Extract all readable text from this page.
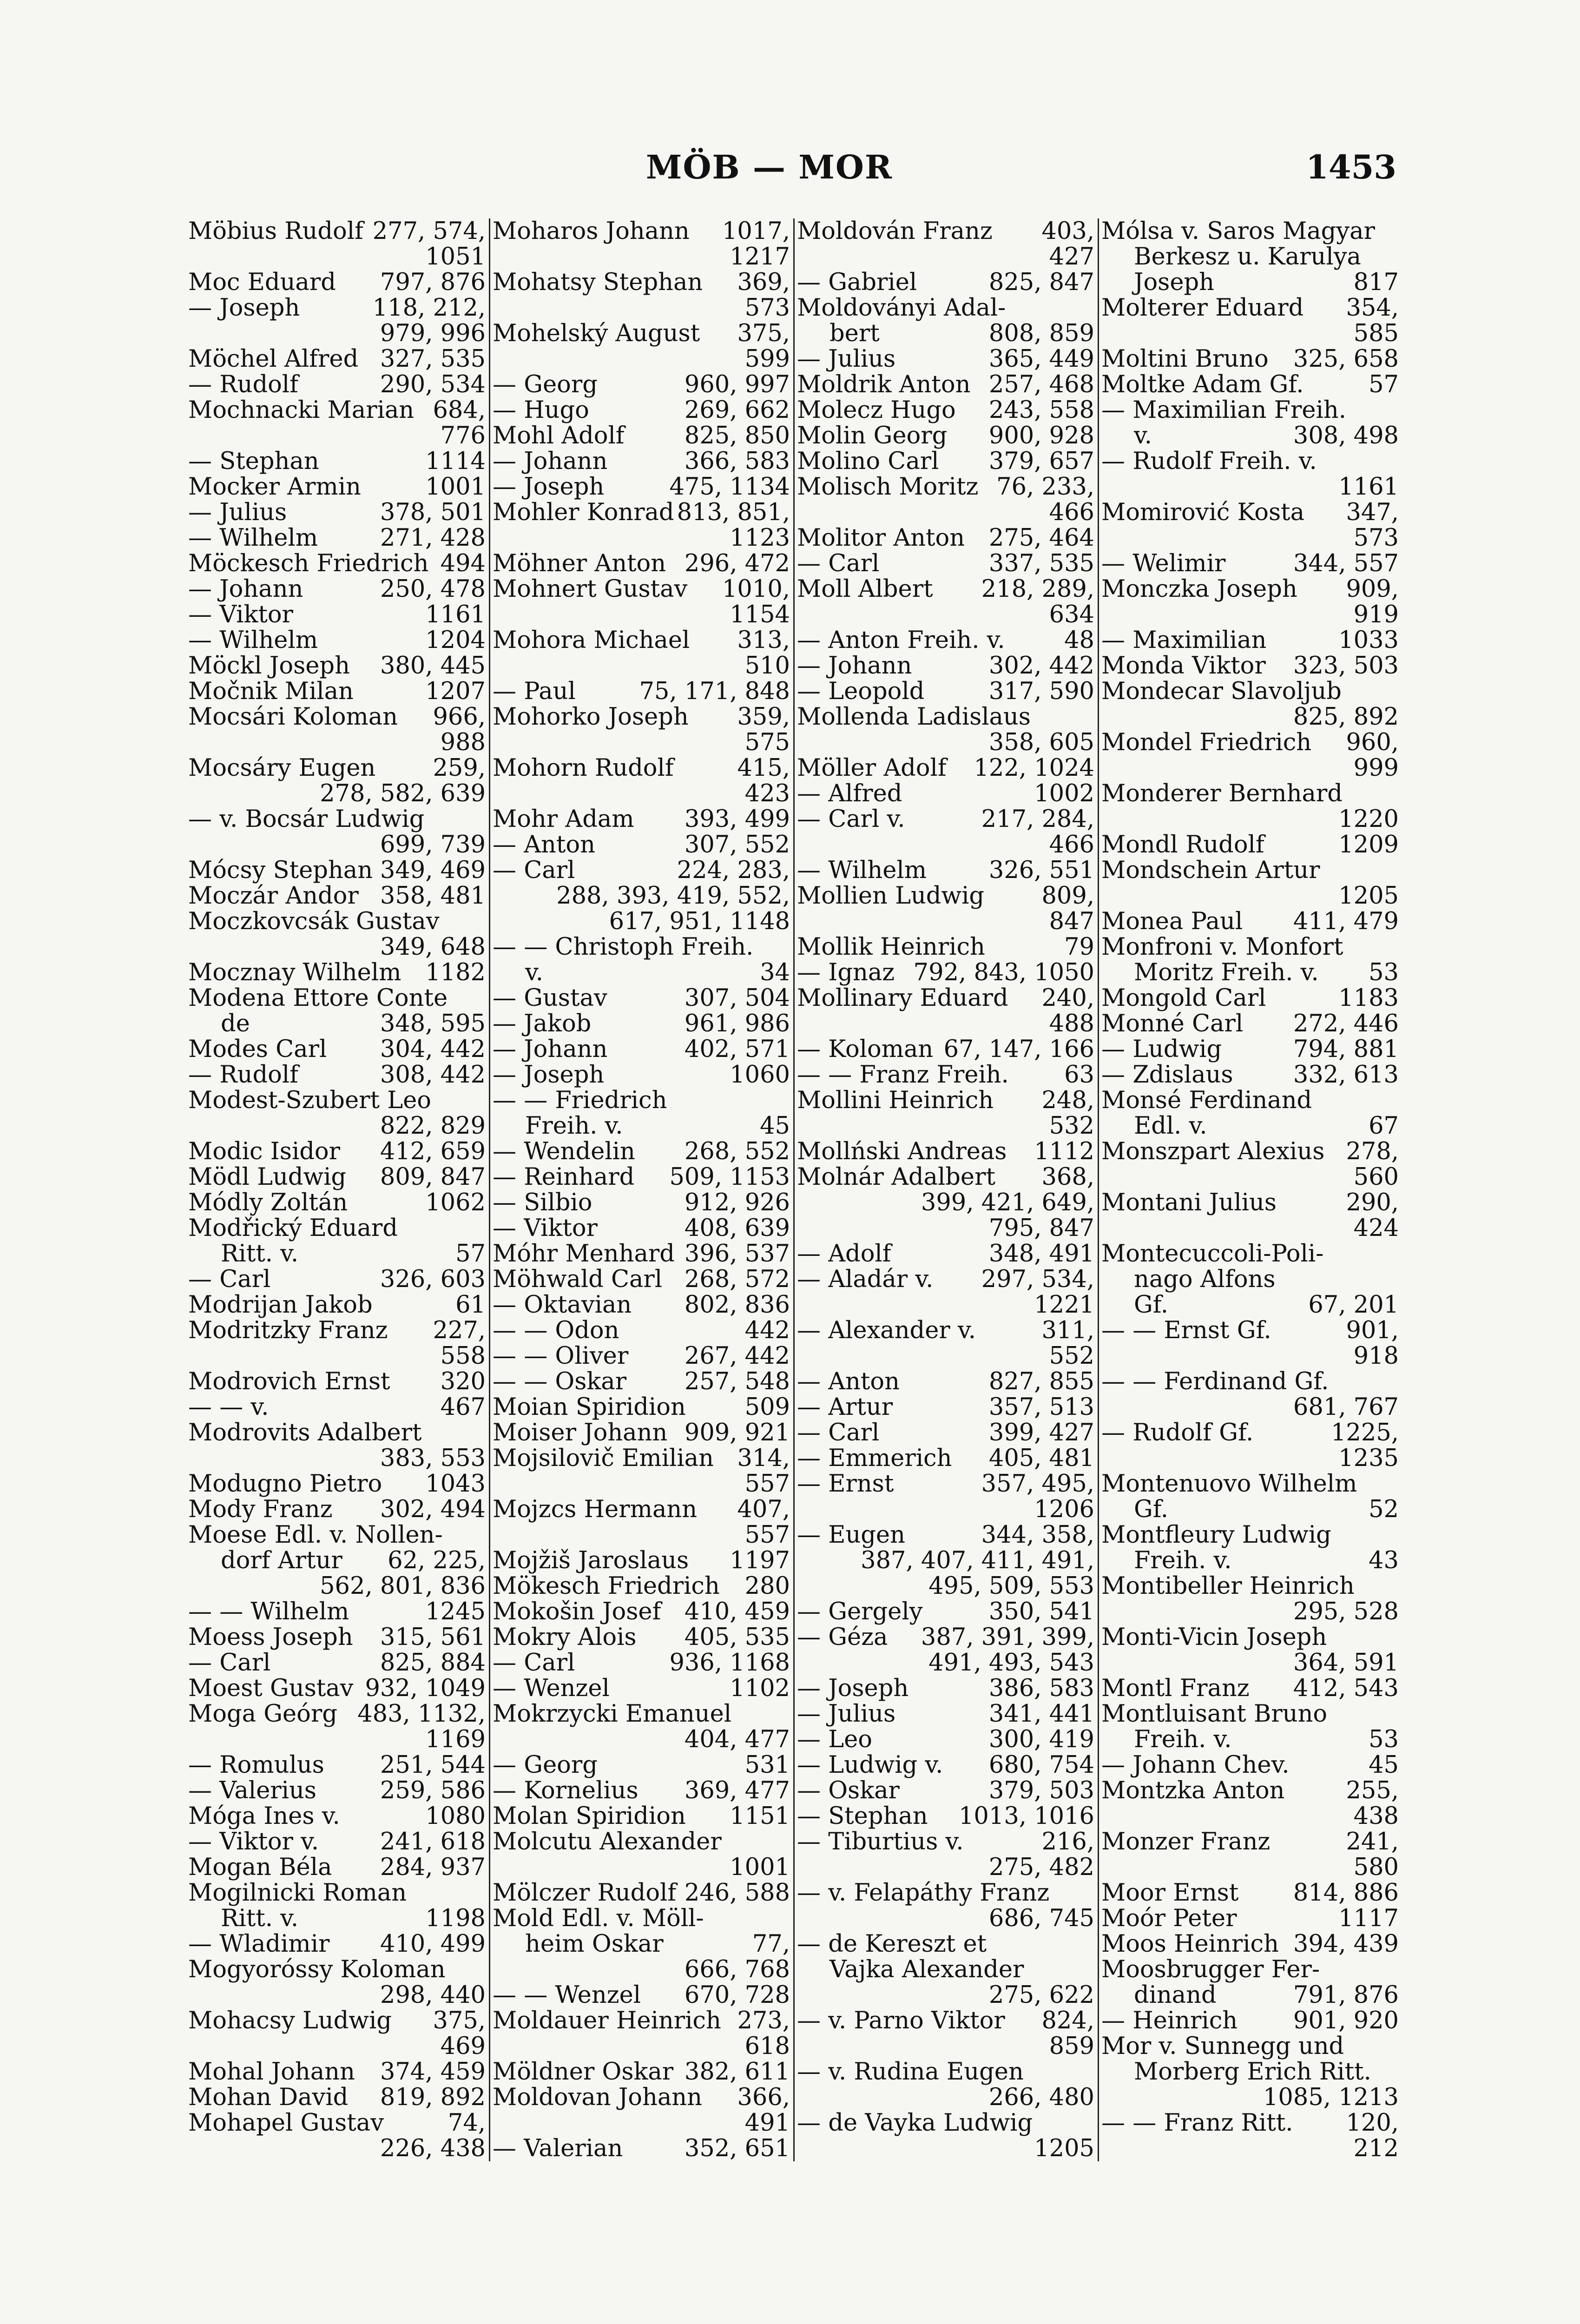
MÖB — MOR	1453
Möbius Rudolf 277, 574,
1051
Moc Eduard 797, 876
— Joseph	118, 212,
979, 996
Möchel Alfred 327, 535
— Rudolf	290, 534
Mochnacki Marian 684,
776
— Stephan	1114
Mocker Armin	1001
— Julius	378, 501
— Wilhelm	271, 428
Möckesch Friedrich 494
— Johann	250, 478
— Viktor	1161
— Wilhelm	1204
Möckl Joseph 380, 445
Močnik Milan	1207
Mocsári Koloman 966,
988
Mocsáry Eugen 259,
278, 582, 639
— v. Bocsár Ludwig
699, 739
Mócsy Stephan 349, 469
Moczár Andor 358, 481
Moczkovcsák Gustav
349, 648
Mocznay Wilhelm 1182
Modena Ettore Conte
de	348, 595
Modes Carl 304, 442
— Rudolf	308, 442
Modest-Szubert Leo
822, 829
Modic Isidor 412, 659
Mödl Ludwig 809, 847
Módly Zoltán	1062
Modřický Eduard
Ritt. v.	57
— Carl	326, 603
Modrijan Jakob	61
Modritzky Franz 227,
558
Modrovich Ernst 320
— — v.	467
Modrovits Adalbert
383, 553
Modugno Pietro 1043
Mody Franz 302, 494
Moese Edl. v. Nollen-
dorf Artur 62, 225,
562, 801, 836
— — Wilhelm	1245
Moess Joseph 315, 561
— Carl	825, 884
Moest Gustav 932, 1049
Moga Geórg 483, 1132,
1169
— Romulus 251, 544
— Valerius	259, 586
Móga Ines v.	1080
— Viktor v.	241, 618
Mogan Béla 284, 937
Mogilnicki Roman
Ritt. v.	1198
— Wladimir 410, 499
Mogyoróssy Koloman
298, 440
Mohacsy Ludwig 375,
469
Mohal Johann 374, 459
Mohan David 819, 892
Mohapel Gustav	74,
226, 438
Moharos Johann 1017,
1217
Mohatsy Stephan 369,
573
Mohelský August 375,
599
— Georg	960, 997
— Hugo	269, 662
Mohl Adolf	825, 850
— Johann	366, 583
— Joseph	475, 1134
Mohler Konrad 813, 851,
1123
Möhner Anton 296, 472
Mohnert Gustav 1010,
1154
Mohora Michael 313,
510
— Paul	75, 171, 848
Mohorko Joseph 359,
575
Mohorn Rudolf	415,
423
Mohr Adam 393, 499
— Anton	307, 552
— Carl	224, 283,
288, 393, 419, 552,
617, 951, 1148
— — Christoph Freih.
v.	34
— Gustav	307, 504
— Jakob	961, 986
— Johann	402, 571
— Joseph	1060
— — Friedrich
Freih. v.	45
— Wendelin 268, 552
— Reinhard 509, 1153
— Silbio	912, 926
— Viktor	408, 639
Móhr Menhard 396, 537
Möhwald Carl 268, 572
— Oktavian 802, 836
— — Odon	442
— — Oliver 267, 442
— — Oskar 257, 548
Moian Spiridion 509
Moiser Johann 909, 921
Mojsilovič Emilian 314,
557
Mojzcs Hermann 407,
557
Mojžiš Jaroslaus 1197
Mökesch Friedrich 280
Mokošin Josef 410, 459
Mokry Alois 405, 535
— Carl	936, 1168
— Wenzel	1102
Mokrzycki Emanuel
404, 477
— Georg	531
— Kornelius 369, 477
Molan Spiridion 1151
Molcutu Alexander
1001
Mölczer Rudolf 246, 588
Mold Edl. v. Möll-
heim Oskar	77,
666, 768
— — Wenzel 670, 728
Moldauer Heinrich 273,
618
Möldner Oskar 382, 611
Moldovan Johann 366,
491
— Valerian	352, 651
Moldován Franz 403,
427
— Gabriel	825, 847
Moldoványi Adal-
bert	808, 859
— Julius	365, 449
Moldrik Anton 257, 468
Molecz Hugo 243, 558
Molin Georg 900, 928
Molino Carl 379, 657
Molisch Moritz 76, 233,
466
Molitor Anton 275, 464
— Carl	337, 535
Moll Albert 218, 289,
634
— Anton Freih. v. 48
— Johann	302, 442
— Leopold	317, 590
Mollenda Ladislaus
358, 605
Möller Adolf 122, 1024
— Alfred	1002
— Carl v.	217, 284,
466
— Wilhelm	326, 551
Mollien Ludwig 809,
847
Mollik Heinrich	79
— Ignaz 792, 843, 1050
Mollinary Eduard 240,
488
— Koloman 67, 147, 166
— — Franz Freih. 63
Mollini Heinrich 248,
532
Mollński Andreas 1112
Molnár Adalbert 368,
399, 421, 649,
795, 847
— Adolf	348, 491
— Aladár v. 297, 534,
1221
— Alexander v.	311,
552
— Anton	827, 855
— Artur	357, 513
— Carl	399, 427
— Emmerich 405, 481
— Ernst	357, 495,
1206
— Eugen	344, 358,
387, 407, 411, 491,
495, 509, 553
— Gergely	350, 541
— Géza 387, 391, 399,
491, 493, 543
— Joseph	386, 583
— Julius	341, 441
— Leo	300, 419
— Ludwig v. 680, 754
— Oskar	379, 503
— Stephan 1013, 1016
— Tiburtius v.	216,
275, 482
— v. Felapáthy Franz
686, 745
— de Kereszt et
Vajka Alexander
275, 622
— v. Parno Viktor 824,
859
— v. Rudina Eugen
266, 480
— de Vayka Ludwig
1205
Mólsa v. Saros Magyar
Berkesz u. Karulya
Joseph	817
Molterer Eduard 354,
585
Moltini Bruno 325, 658
Moltke Adam Gf.	57
— Maximilian Freih.
v.	308, 498
— Rudolf Freih. v.
1161
Momirović Kosta 347,
573
— Welimir	344, 557
Monczka Joseph 909,
919
— Maximilian	1033
Monda Viktor 323, 503
Mondecar Slavoljub
825, 892
Mondel Friedrich 960,
999
Monderer Bernhard
1220
Mondl Rudolf	1209
Mondschein Artur
1205
Monea Paul 411, 479
Monfroni v. Monfort
Moritz Freih. v. 53
Mongold Carl	1183
Monné Carl 272, 446
— Ludwig	794, 881
— Zdislaus	332, 613
Monsé Ferdinand
Edl. v.	67
Monszpart Alexius 278,
560
Montani Julius	290,
424
Montecuccoli-Poli-
nago Alfons
Gf.	67, 201
— — Ernst Gf.	901,
918
— — Ferdinand Gf.
681, 767
— Rudolf Gf.	1225,
1235
Montenuovo Wilhelm
Gf.	52
Montfleury Ludwig
Freih. v.	43
Montibeller Heinrich
295, 528
Monti-Vicin Joseph
364, 591
Montl Franz 412, 543
Montluisant Bruno
Freih. v.	53
— Johann Chev.	45
Montzka Anton	255,
438
Monzer Franz	241,
580
Moor Ernst 814, 886
Moór Peter	1117
Moos Heinrich 394, 439
Moosbrugger Fer-
dinand	791, 876
— Heinrich 901, 920
Mor v. Sunnegg und
Morberg Erich Ritt.
1085, 1213
— — Franz Ritt. 120,
212
